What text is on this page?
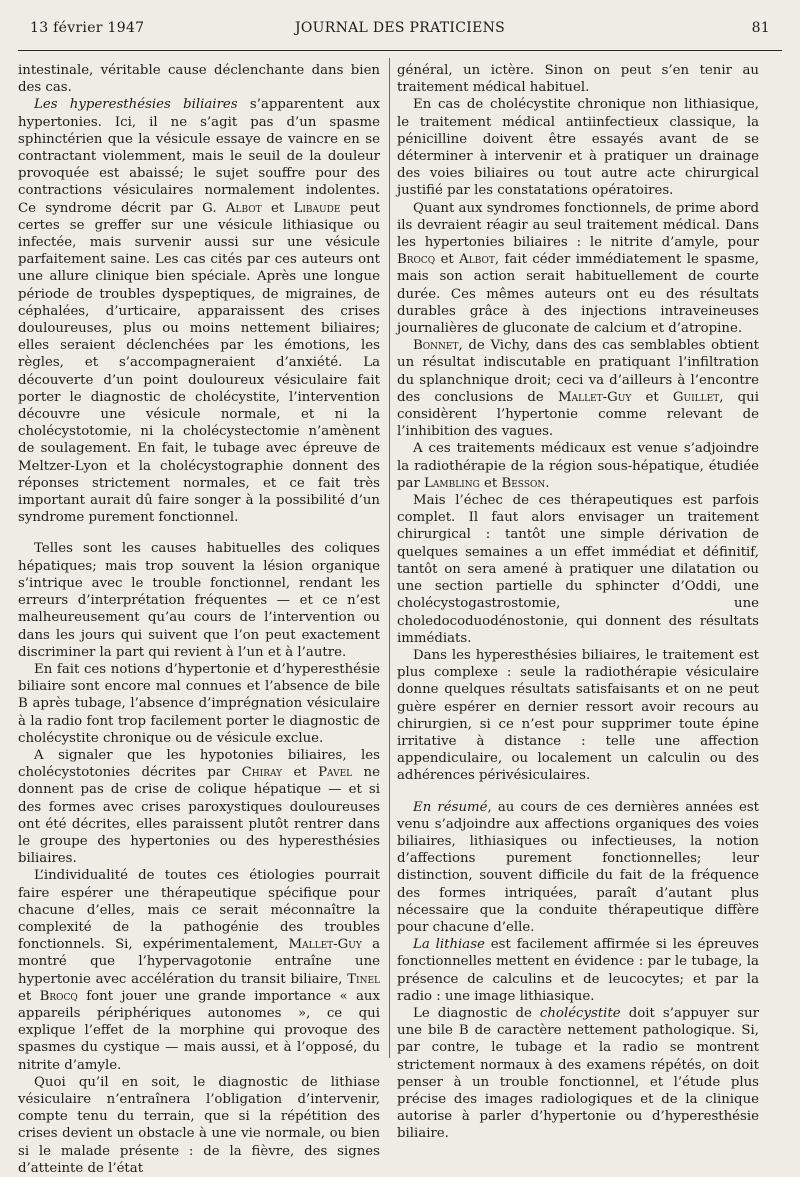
13 février 1947	JOURNAL DES PRATICIENS	81

intestinale, véritable cause déclenchante dans bien des cas.

Les hyperesthésies biliaires s’apparentent aux hypertonies. Ici, il ne s’agit pas d’un spasme sphinctérien que la vésicule essaye de vaincre en se contractant violemment, mais le seuil de la douleur provoquée est abaissé; le sujet souffre pour des contractions vésiculaires normalement indolentes. Ce syndrome décrit par G. Albot et Libaude peut certes se greffer sur une vésicule lithiasique ou infectée, mais survenir aussi sur une vésicule parfaitement saine. Les cas cités par ces auteurs ont une allure clinique bien spéciale. Après une longue période de troubles dyspeptiques, de migraines, de céphalées, d’urticaire, apparaissent des crises douloureuses, plus ou moins nettement biliaires; elles seraient déclenchées par les émotions, les règles, et s’accompagneraient d’anxiété. La découverte d’un point douloureux vésiculaire fait porter le diagnostic de cholécystite, l’intervention découvre une vésicule normale, et ni la cholécystotomie, ni la cholécystectomie n’amènent de soulagement. En fait, le tubage avec épreuve de Meltzer-Lyon et la cholécystographie donnent des réponses strictement normales, et ce fait très important aurait dû faire songer à la possibilité d’un syndrome purement fonctionnel.

Telles sont les causes habituelles des coliques hépatiques; mais trop souvent la lésion organique s’intrique avec le trouble fonctionnel, rendant les erreurs d’interprétation fréquentes — et ce n’est malheureusement qu’au cours de l’intervention ou dans les jours qui suivent que l’on peut exactement discriminer la part qui revient à l’un et à l’autre.

En fait ces notions d’hypertonie et d’hyperesthésie biliaire sont encore mal connues et l’absence de bile B après tubage, l’absence d’imprégnation vésiculaire à la radio font trop facilement porter le diagnostic de cholécystite chronique ou de vésicule exclue.

A signaler que les hypotonies biliaires, les cholécystotonies décrites par Chiray et Pavel ne donnent pas de crise de colique hépatique — et si des formes avec crises paroxystiques douloureuses ont été décrites, elles paraissent plutôt rentrer dans le groupe des hypertonies ou des hyperesthésies biliaires.

L’individualité de toutes ces étiologies pourrait faire espérer une thérapeutique spécifique pour chacune d’elles, mais ce serait méconnaître la complexité de la pathogénie des troubles fonctionnels. Si, expérimentalement, Mallet-Guy a montré que l’hypervagotonie entraîne une hypertonie avec accélération du transit biliaire, Tinel et Brocq font jouer une grande importance « aux appareils périphériques autonomes », ce qui explique l’effet de la morphine qui provoque des spasmes du cystique — mais aussi, et à l’opposé, du nitrite d’amyle.

Quoi qu’il en soit, le diagnostic de lithiase vésiculaire n’entraînera l’obligation d’intervenir, compte tenu du terrain, que si la répétition des crises devient un obstacle à une vie normale, ou bien si le malade présente : de la fièvre, des signes d’atteinte de l’état

général, un ictère. Sinon on peut s’en tenir au traitement médical habituel.

En cas de cholécystite chronique non lithiasique, le traitement médical antiinfectieux classique, la pénicilline doivent être essayés avant de se déterminer à intervenir et à pratiquer un drainage des voies biliaires ou tout autre acte chirurgical justifié par les constatations opératoires.

Quant aux syndromes fonctionnels, de prime abord ils devraient réagir au seul traitement médical. Dans les hypertonies biliaires : le nitrite d’amyle, pour Brocq et Albot, fait céder immédiatement le spasme, mais son action serait habituellement de courte durée. Ces mêmes auteurs ont eu des résultats durables grâce à des injections intraveineuses journalières de gluconate de calcium et d’atropine.

Bonnet, de Vichy, dans des cas semblables obtient un résultat indiscutable en pratiquant l’infiltration du splanchnique droit; ceci va d’ailleurs à l’encontre des conclusions de Mallet-Guy et Guillet, qui considèrent l’hypertonie comme relevant de l’inhibition des vagues.

A ces traitements médicaux est venue s’adjoindre la radiothérapie de la région sous-hépatique, étudiée par Lambling et Besson.

Mais l’échec de ces thérapeutiques est parfois complet. Il faut alors envisager un traitement chirurgical : tantôt une simple dérivation de quelques semaines a un effet immédiat et définitif, tantôt on sera amené à pratiquer une dilatation ou une section partielle du sphincter d’Oddi, une cholécystogastrostomie, une choledocoduodénostonie, qui donnent des résultats immédiats.

Dans les hyperesthésies biliaires, le traitement est plus complexe : seule la radiothérapie vésiculaire donne quelques résultats satisfaisants et on ne peut guère espérer en dernier ressort avoir recours au chirurgien, si ce n’est pour supprimer toute épine irritative à distance : telle une affection appendiculaire, ou localement un calculin ou des adhérences périvésiculaires.

En résumé, au cours de ces dernières années est venu s’adjoindre aux affections organiques des voies biliaires, lithiasiques ou infectieuses, la notion d’affections purement fonctionnelles; leur distinction, souvent difficile du fait de la fréquence des formes intriquées, paraît d’autant plus nécessaire que la conduite thérapeutique diffère pour chacune d’elle.

La lithiase est facilement affirmée si les épreuves fonctionnelles mettent en évidence : par le tubage, la présence de calculins et de leucocytes; et par la radio : une image lithiasique.

Le diagnostic de cholécystite doit s’appuyer sur une bile B de caractère nettement pathologique. Si, par contre, le tubage et la radio se montrent strictement normaux à des examens répétés, on doit penser à un trouble fonctionnel, et l’étude plus précise des images radiologiques et de la clinique autorise à parler d’hypertonie ou d’hyperesthésie biliaire.
